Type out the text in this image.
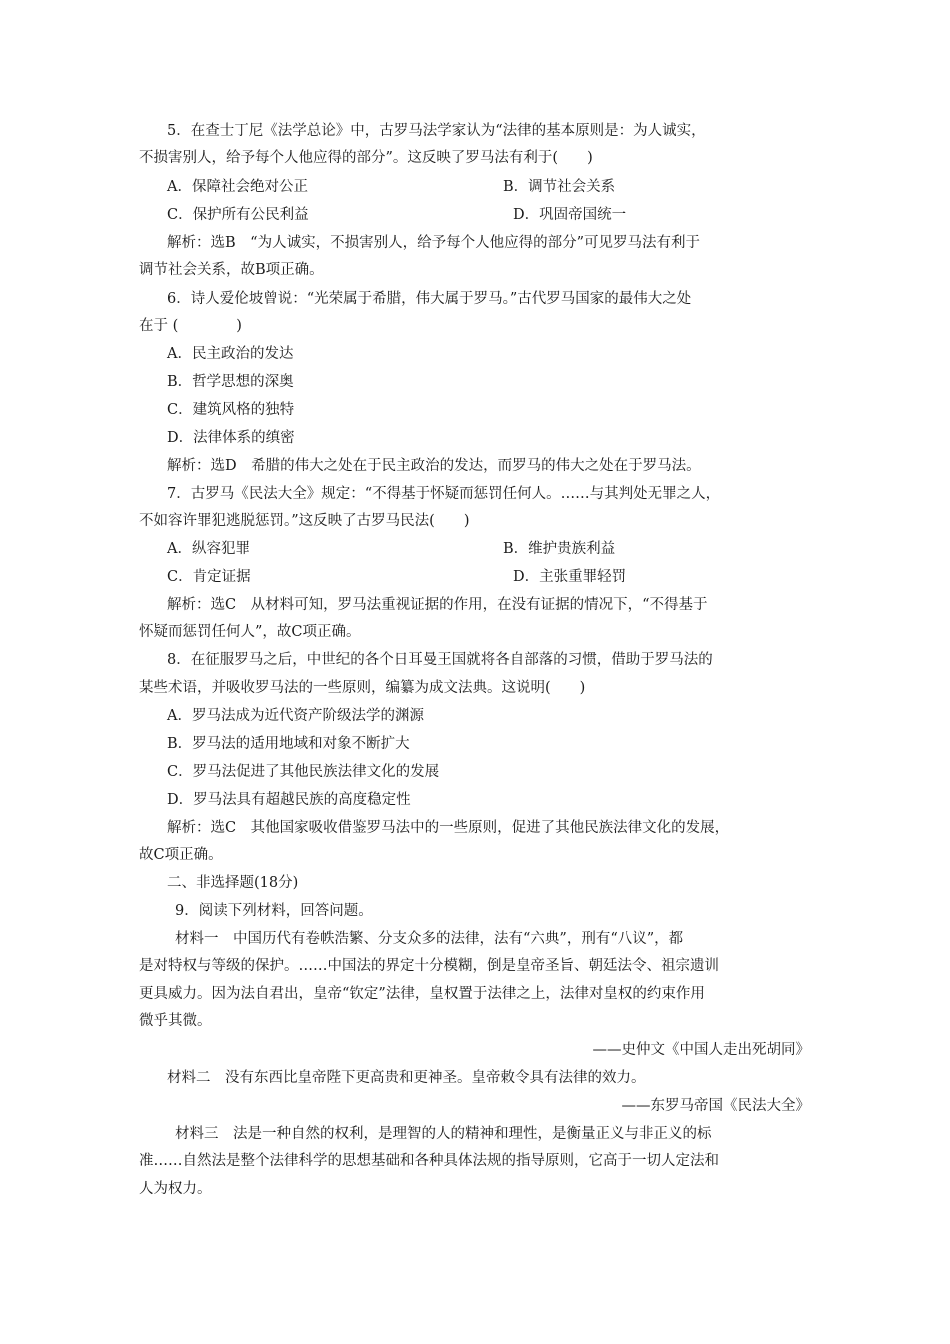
5．在查士丁尼《法学总论》中，古罗马法学家认为“法律的基本原则是：为人诚实，
不损害别人，给予每个人他应得的部分”。这反映了罗马法有利于(　　)
A．保障社会绝对公正	B．调节社会关系
C．保护所有公民利益	D．巩固帝国统一
解析：选B　“为人诚实，不损害别人，给予每个人他应得的部分”可见罗马法有利于
调节社会关系，故B项正确。
6．诗人爱伦坡曾说：“光荣属于希腊，伟大属于罗马。”古代罗马国家的最伟大之处
在于 (　　　　)
A．民主政治的发达
B．哲学思想的深奥
C．建筑风格的独特
D．法律体系的缜密
解析：选D　希腊的伟大之处在于民主政治的发达，而罗马的伟大之处在于罗马法。
7．古罗马《民法大全》规定：“不得基于怀疑而惩罚任何人。……与其判处无罪之人，
不如容许罪犯逃脱惩罚。”这反映了古罗马民法(　　)
A．纵容犯罪	B．维护贵族利益
C．肯定证据	D．主张重罪轻罚
解析：选C　从材料可知，罗马法重视证据的作用，在没有证据的情况下，“不得基于
怀疑而惩罚任何人”，故C项正确。
8．在征服罗马之后，中世纪的各个日耳曼王国就将各自部落的习惯，借助于罗马法的
某些术语，并吸收罗马法的一些原则，编纂为成文法典。这说明(　　)
A．罗马法成为近代资产阶级法学的渊源
B．罗马法的适用地域和对象不断扩大
C．罗马法促进了其他民族法律文化的发展
D．罗马法具有超越民族的高度稳定性
解析：选C　其他国家吸收借鉴罗马法中的一些原则，促进了其他民族法律文化的发展，
故C项正确。
二、非选择题(18分)
9．阅读下列材料，回答问题。
材料一　中国历代有卷帙浩繁、分支众多的法律，法有“六典”，刑有“八议”，都
是对特权与等级的保护。……中国法的界定十分模糊，倒是皇帝圣旨、朝廷法令、祖宗遗训
更具威力。因为法自君出，皇帝“钦定”法律，皇权置于法律之上，法律对皇权的约束作用
微乎其微。
——史仲文《中国人走出死胡同》
材料二　没有东西比皇帝陛下更高贵和更神圣。皇帝敕令具有法律的效力。
——东罗马帝国《民法大全》
材料三　法是一种自然的权利，是理智的人的精神和理性，是衡量正义与非正义的标
准……自然法是整个法律科学的思想基础和各种具体法规的指导原则，它高于一切人定法和
人为权力。
